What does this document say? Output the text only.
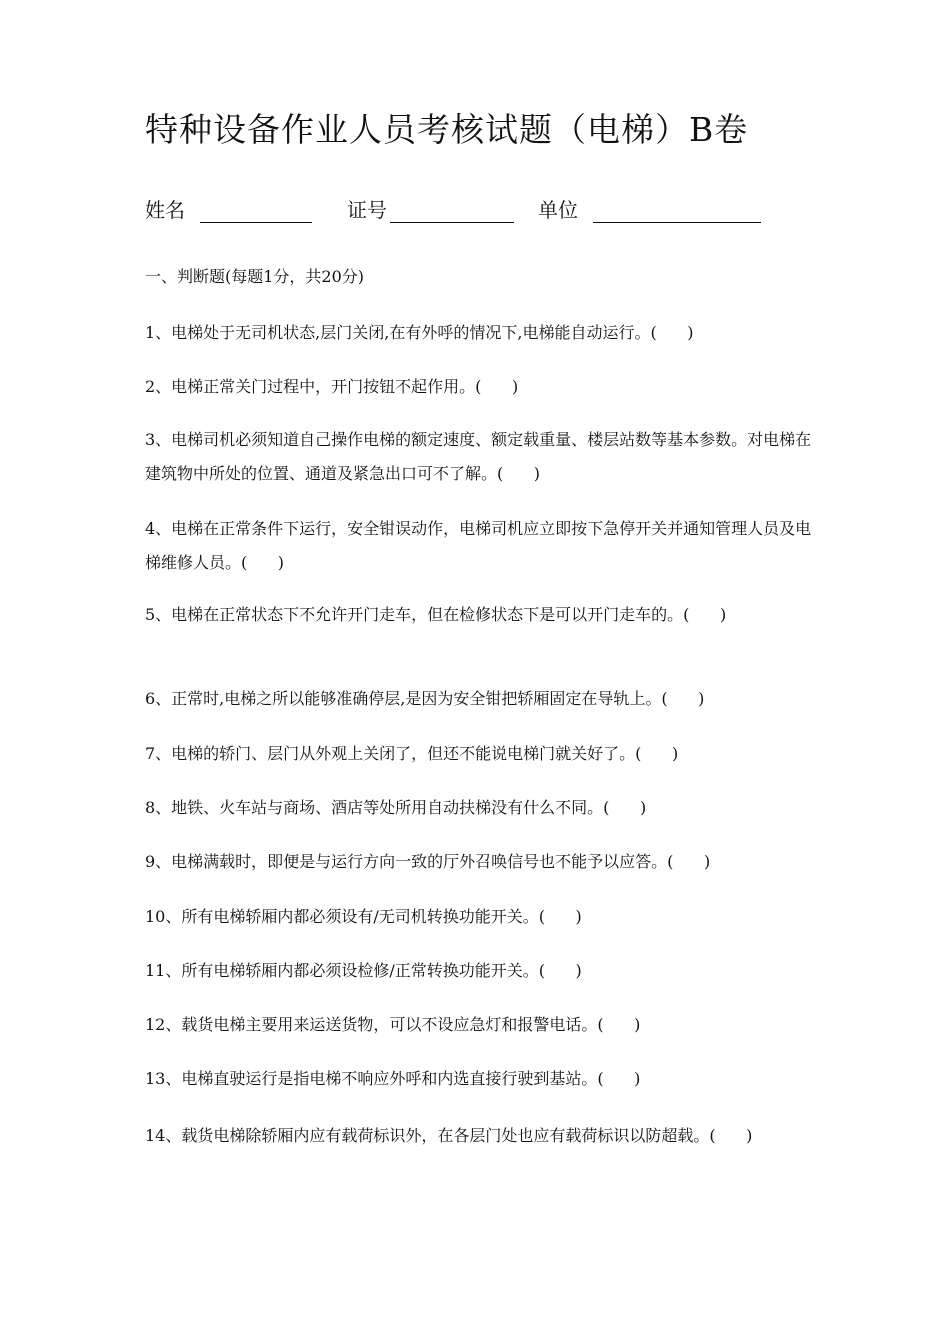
特种设备作业人员考核试题（电梯）B卷
姓名	证号	单位
一、判断题(每题1分，共20分)
1、电梯处于无司机状态,层门关闭,在有外呼的情况下,电梯能自动运行。(      )
2、电梯正常关门过程中，开门按钮不起作用。(      )
3、电梯司机必须知道自己操作电梯的额定速度、额定载重量、楼层站数等基本参数。对电梯在建筑物中所处的位置、通道及紧急出口可不了解。(      )
4、电梯在正常条件下运行，安全钳误动作，电梯司机应立即按下急停开关并通知管理人员及电梯维修人员。(      )
5、电梯在正常状态下不允许开门走车，但在检修状态下是可以开门走车的。(      )
6、正常时,电梯之所以能够准确停层,是因为安全钳把轿厢固定在导轨上。(      )
7、电梯的轿门、层门从外观上关闭了，但还不能说电梯门就关好了。(      )
8、地铁、火车站与商场、酒店等处所用自动扶梯没有什么不同。(      )
9、电梯满载时，即便是与运行方向一致的厅外召唤信号也不能予以应答。(      )
10、所有电梯轿厢内都必须设有/无司机转换功能开关。(      )
11、所有电梯轿厢内都必须设检修/正常转换功能开关。(      )
12、载货电梯主要用来运送货物，可以不设应急灯和报警电话。(      )
13、电梯直驶运行是指电梯不响应外呼和内选直接行驶到基站。(      )
14、载货电梯除轿厢内应有载荷标识外，在各层门处也应有载荷标识以防超载。(      )
